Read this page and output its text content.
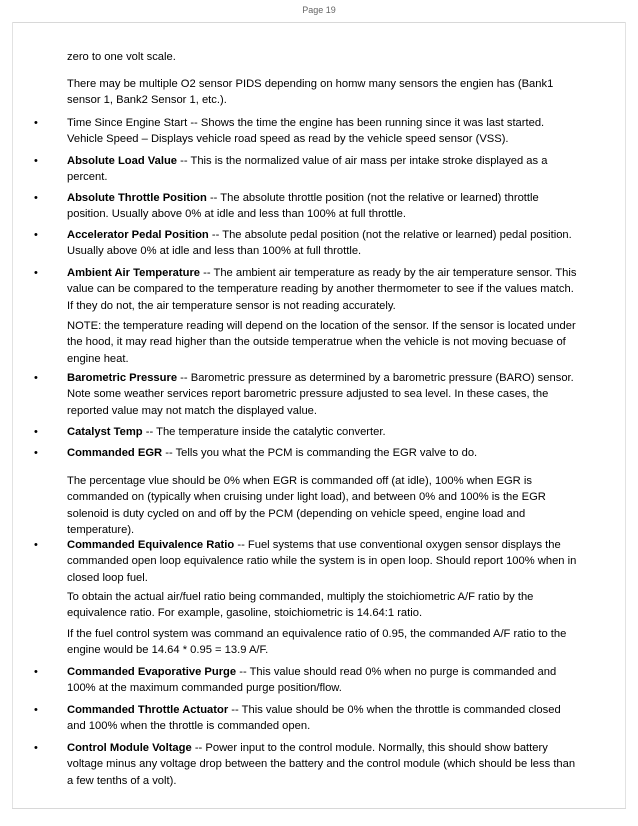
Page 19
zero to one volt scale.
There may be multiple O2 sensor PIDS depending on homw many sensors the engien has (Bank1
sensor 1, Bank2 Sensor 1, etc.).
•	Time Since Engine Start -- Shows the time the engine has been running since it was last started.
Vehicle Speed – Displays vehicle road speed as read by the vehicle speed sensor (VSS).
•	Absolute Load Value -- This is the normalized value of air mass per intake stroke displayed as a
percent.
•	Absolute Throttle Position -- The absolute throttle position (not the relative or learned) throttle
position. Usually above 0% at idle and less than 100% at full throttle.
•	Accelerator Pedal Position -- The absolute pedal position (not the relative or learned) pedal position.
Usually above 0% at idle and less than 100% at full throttle.
•	Ambient Air Temperature -- The ambient air temperature as ready by the air temperature sensor. This
value can be compared to the temperature reading by another thermometer to see if the values match.
If they do not, the air temperature sensor is not reading accurately.
NOTE: the temperature reading will depend on the location of the sensor. If the sensor is located under
the hood, it may read higher than the outside temperatrue when the vehicle is not moving becuase of
engine heat.
•	Barometric Pressure -- Barometric pressure as determined by a barometric pressure (BARO) sensor.
Note some weather services report barometric pressure adjusted to sea level. In these cases, the
reported value may not match the displayed value.
•	Catalyst Temp -- The temperature inside the catalytic converter.
•	Commanded EGR -- Tells you what the PCM is commanding the EGR valve to do.
The percentage vlue should be 0% when EGR is commanded off (at idle), 100% when EGR is
commanded on (typically when cruising under light load), and between 0% and 100% is the EGR
solenoid is duty cycled on and off by the PCM (depending on vehicle speed, engine load and
temperature).
•	Commanded Equivalence Ratio -- Fuel systems that use conventional oxygen sensor displays the
commanded open loop equivalence ratio while the system is in open loop. Should report 100% when in
closed loop fuel.
To obtain the actual air/fuel ratio being commanded, multiply the stoichiometric A/F ratio by the
equivalence ratio. For example, gasoline, stoichiometric is 14.64:1 ratio.
If the fuel control system was command an equivalence ratio of 0.95, the commanded A/F ratio to the
engine would be 14.64 * 0.95 = 13.9 A/F.
•	Commanded Evaporative Purge -- This value should read 0% when no purge is commanded and
100% at the maximum commanded purge position/flow.
•	Commanded Throttle Actuator -- This value should be 0% when the throttle is commanded closed
and 100% when the throttle is commanded open.
•	Control Module Voltage -- Power input to the control module. Normally, this should show battery
voltage minus any voltage drop between the battery and the control module (which should be less than
a few tenths of a volt).
